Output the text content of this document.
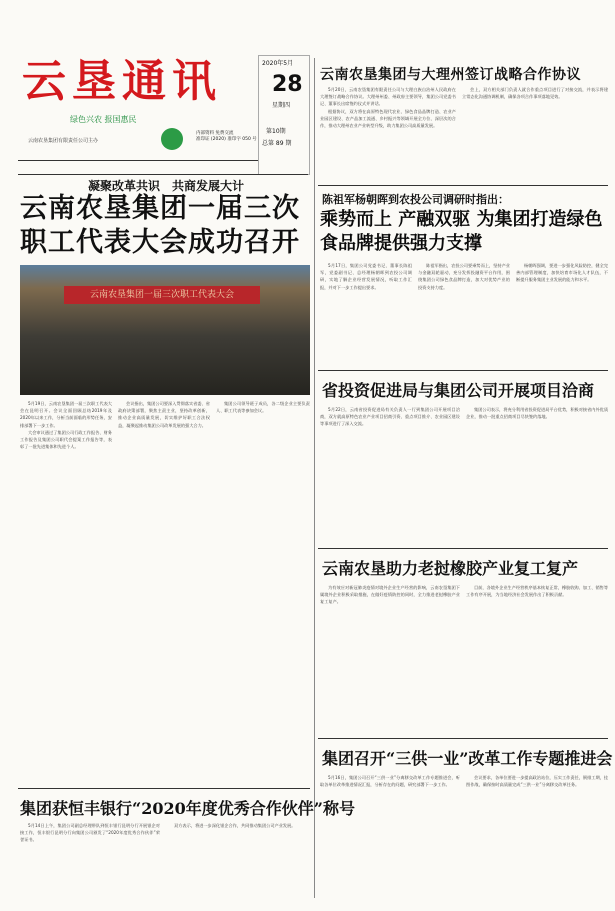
云垦通讯
绿色兴农 报国惠民
云南农垦集团有限责任公司主办
内部资料 免费交流
准印证 (2020) 准印字 050 号
2020年5月
28
星期四
第10期
总第 89 期
云南农垦集团与大理州签订战略合作协议

5月20日，云南农垦集团有限责任公司与大理白族自治州人民政府在大理签订战略合作协议。大理州州委、州政府主要领导，集团公司党委书记、董事长出席签约仪式并讲话。

根据协议，双方将在高原特色现代农业、绿色食品品牌打造、农业产业园区建设、农产品加工流通、乡村振兴等领域开展全方位、深层次的合作，推动大理州农业产业转型升级，助力集团公司高质量发展。

会上，双方相关部门负责人就合作重点项目进行了对接交流，并表示将建立常态化沟通协调机制，确保各项合作事项落地见效。

凝聚改革共识　共商发展大计
云南农垦集团一届三次职工代表大会成功召开
云南农垦集团一届三次职工代表大会

5月19日，云南农垦集团一届三次职工代表大会在昆明召开。会议全面回顾总结2019年及2020年以来工作，分析当前面临的形势任务，安排部署下一步工作。

大会审议通过了集团公司行政工作报告、财务工作报告及集团公司职代会提案工作报告等，表彰了一批先进集体和先进个人。

会议指出，集团公司要深入贯彻落实省委、省政府决策部署，聚焦主责主业，坚持改革创新，推动企业高质量发展，切实维护好职工合法权益，凝聚起推动集团公司改革发展的强大合力。

集团公司领导班子成员，各二级企业主要负责人、职工代表等参加会议。

陈祖军杨朝晖到农投公司调研时指出：
乘势而上 产融双驱 为集团打造绿色食品牌提供强力支撑

5月17日，集团公司党委书记、董事长陈祖军，党委副书记、总经理杨朝晖到农投公司调研，实地了解企业经营发展情况，听取工作汇报，并对下一步工作提出要求。

陈祖军指出，农投公司要乘势而上，坚持产业与金融双轮驱动，充分发挥投融资平台作用，围绕集团公司绿色食品牌打造，加大对优势产业的投资支持力度。

杨朝晖强调，要进一步强化风险防控，健全完善内部管理制度，加快培育市场化人才队伍，不断提升服务集团主业发展的能力和水平。

省投资促进局与集团公司开展项目洽商

5月22日，云南省投资促进局有关负责人一行到集团公司开展项目洽商，双方就高原特色农业产业项目招商引资、重点项目推介、农业园区建设等事项进行了深入交流。

集团公司表示，将充分利用省投资促进局平台优势，积极对接省内外优质企业，推动一批重点招商项目尽快签约落地。

云南农垦助力老挝橡胶产业复工复产

为有效应对新冠肺炎疫情对境外企业生产经营的影响，云南农垦集团下属境外企业积极采取措施，在做好疫情防控的同时，全力推进老挝橡胶产业复工复产。

目前，各境外企业生产经营秩序基本恢复正常，橡胶收购、加工、销售等工作有序开展，为当地经济社会发展作出了积极贡献。

集团召开“三供一业”改革工作专题推进会

5月16日，集团公司召开“三供一业”分离移交改革工作专题推进会，听取各单位改革推进情况汇报，分析存在的问题，研究部署下一步工作。

会议要求，各单位要进一步提高政治站位，压实工作责任，倒排工期，挂图作战，确保按时高质量完成“三供一业”分离移交改革任务。

集团获恒丰银行“2020年度优秀合作伙伴”称号

5月14日上午，集团公司副总经理带队到恒丰银行昆明分行开展银企对接工作，恒丰银行昆明分行向集团公司颁发了“2020年度优秀合作伙伴”荣誉证书。

双方表示，将进一步深化银企合作，共同推动集团公司产业发展。
